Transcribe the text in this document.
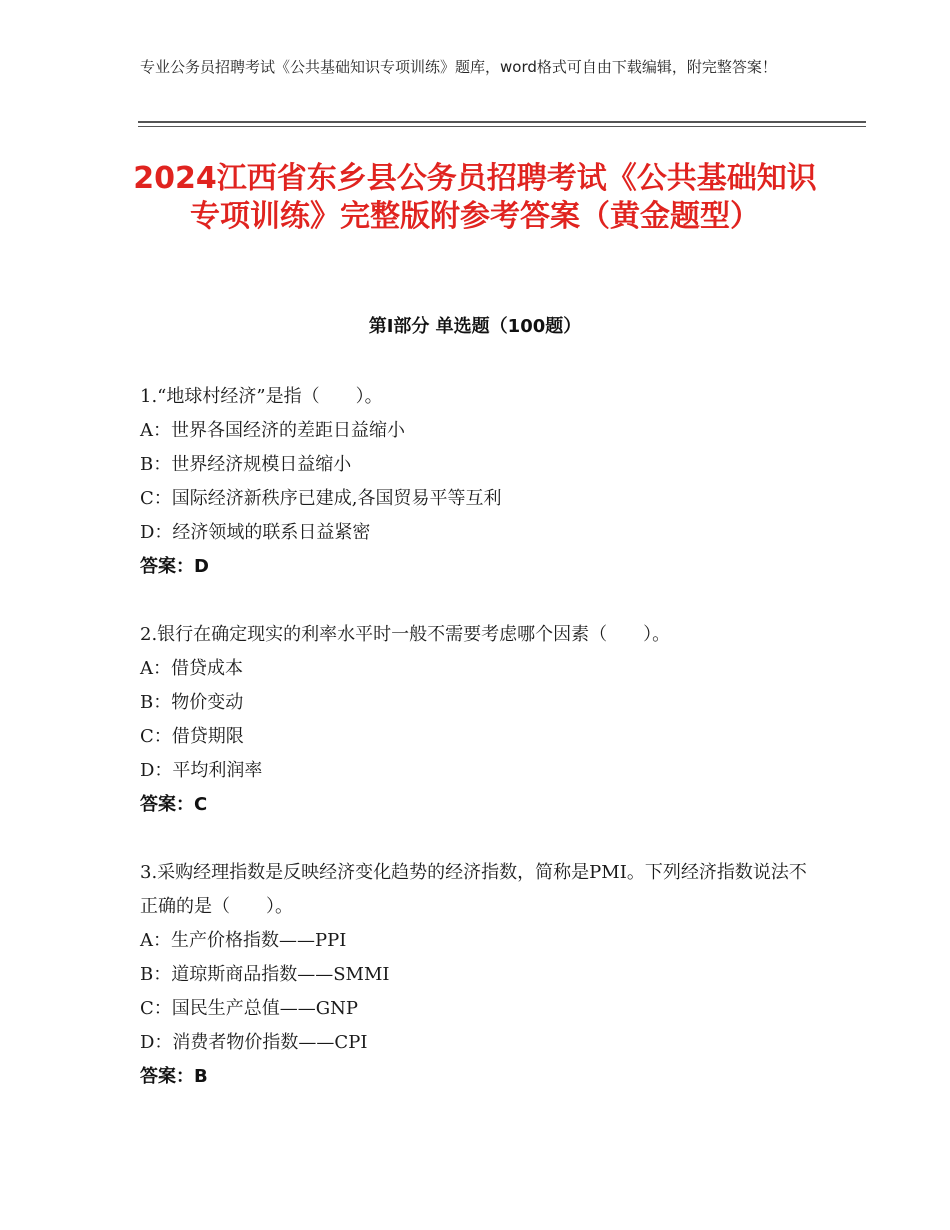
专业公务员招聘考试《公共基础知识专项训练》题库，word格式可自由下载编辑，附完整答案！
2024江西省东乡县公务员招聘考试《公共基础知识专项训练》完整版附参考答案（黄金题型）
第Ⅰ部分 单选题（100题）
1.“地球村经济”是指（　　）。
A：世界各国经济的差距日益缩小
B：世界经济规模日益缩小
C：国际经济新秩序已建成,各国贸易平等互利
D：经济领域的联系日益紧密
答案：D
2.银行在确定现实的利率水平时一般不需要考虑哪个因素（　　）。
A：借贷成本
B：物价变动
C：借贷期限
D：平均利润率
答案：C
3.采购经理指数是反映经济变化趋势的经济指数，简称是PMI。下列经济指数说法不正确的是（　　）。
A：生产价格指数——PPI
B：道琼斯商品指数——SMMI
C：国民生产总值——GNP
D：消费者物价指数——CPI
答案：B
